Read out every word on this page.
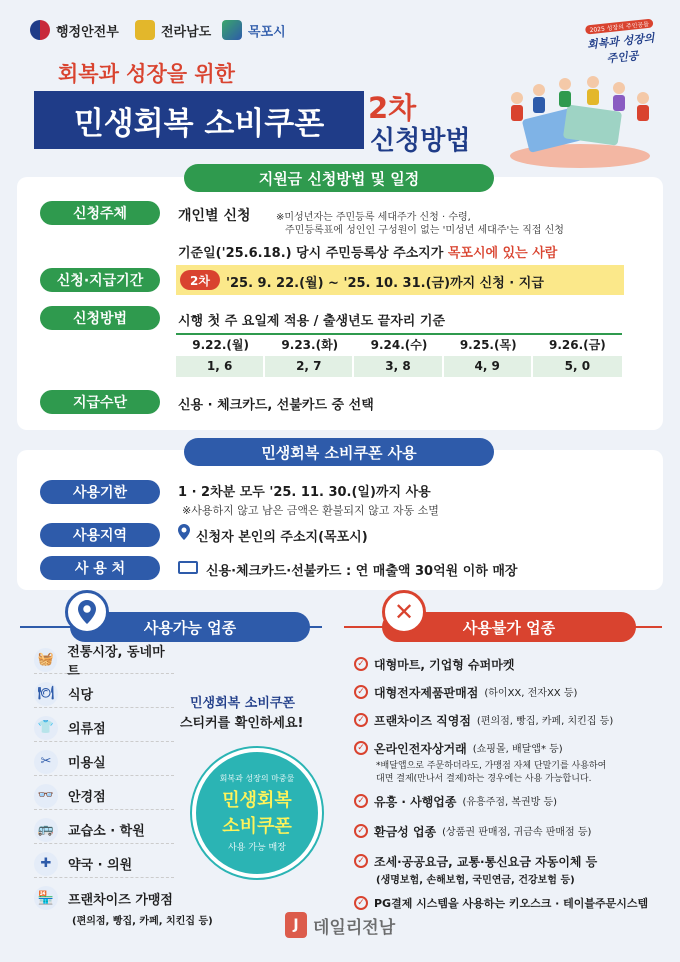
행정안전부	전라남도	목포시	2025 성장의 주인공들
회복과 성장의
주인공
회복과 성장을 위한
민생회복 소비쿠폰	2차
신청방법
지원금 신청방법 및 일정
신청주체	개인별 신청	※미성년자는 주민등록 세대주가 신청 · 수령,
주민등록표에 성인인 구성원이 없는 '미성년 세대주'는 직접 신청
기준일('25.6.18.) 당시 주민등록상 주소지가 목포시에 있는 사람
신청·지급기간	2차	'25. 9. 22.(월) ~ '25. 10. 31.(금)까지 신청 · 지급
신청방법	시행 첫 주 요일제 적용 / 출생년도 끝자리 기준
9.22.(월)	9.23.(화)	9.24.(수)	9.25.(목)	9.26.(금)
1, 6	2, 7	3, 8	4, 9	5, 0
지급수단	신용 · 체크카드, 선불카드 중 선택
민생회복 소비쿠폰 사용
사용기한	1 · 2차분 모두 '25. 11. 30.(일)까지 사용
※사용하지 않고 남은 금액은 환불되지 않고 자동 소멸
사용지역	신청자 본인의 주소지(목포시)
사 용 처	신용·체크카드·선불카드 : 연 매출액 30억원 이하 매장
사용가능 업종
🧺 전통시장, 동네마트
🍽 식당
👕	의류점
✂	미용실
👓	안경점
🚌	교습소 · 학원
✚	약국 · 의원
🏪	프랜차이즈 가맹점
(편의점, 빵집, 카페, 치킨집 등)
민생회복 소비쿠폰
스티커를 확인하세요!
회복과 성장의 마중물
민생회복
소비쿠폰
사용 가능 매장
사용불가 업종
✕
✓ 대형마트, 기업형 슈퍼마켓
✓ 대형전자제품판매점 (하이XX, 전자XX 등)
✓ 프랜차이즈 직영점 (편의점, 빵집, 카페, 치킨집 등)
✓ 온라인전자상거래 (쇼핑몰, 배달앱* 등)
*배달앱으로 주문하더라도, 가맹점 자체 단말기를 사용하여
대면 결제(만나서 결제)하는 경우에는 사용 가능합니다.
✓ 유흥 · 사행업종 (유흥주점, 복권방 등)
✓ 환금성 업종 (상품권 판매점, 귀금속 판매점 등)
✓ 조세·공공요금, 교통·통신요금 자동이체 등
(생명보험, 손해보험, 국민연금, 건강보험 등)
✓ PG결제 시스템을 사용하는 키오스크 · 테이블주문시스템
J 데일리전남
